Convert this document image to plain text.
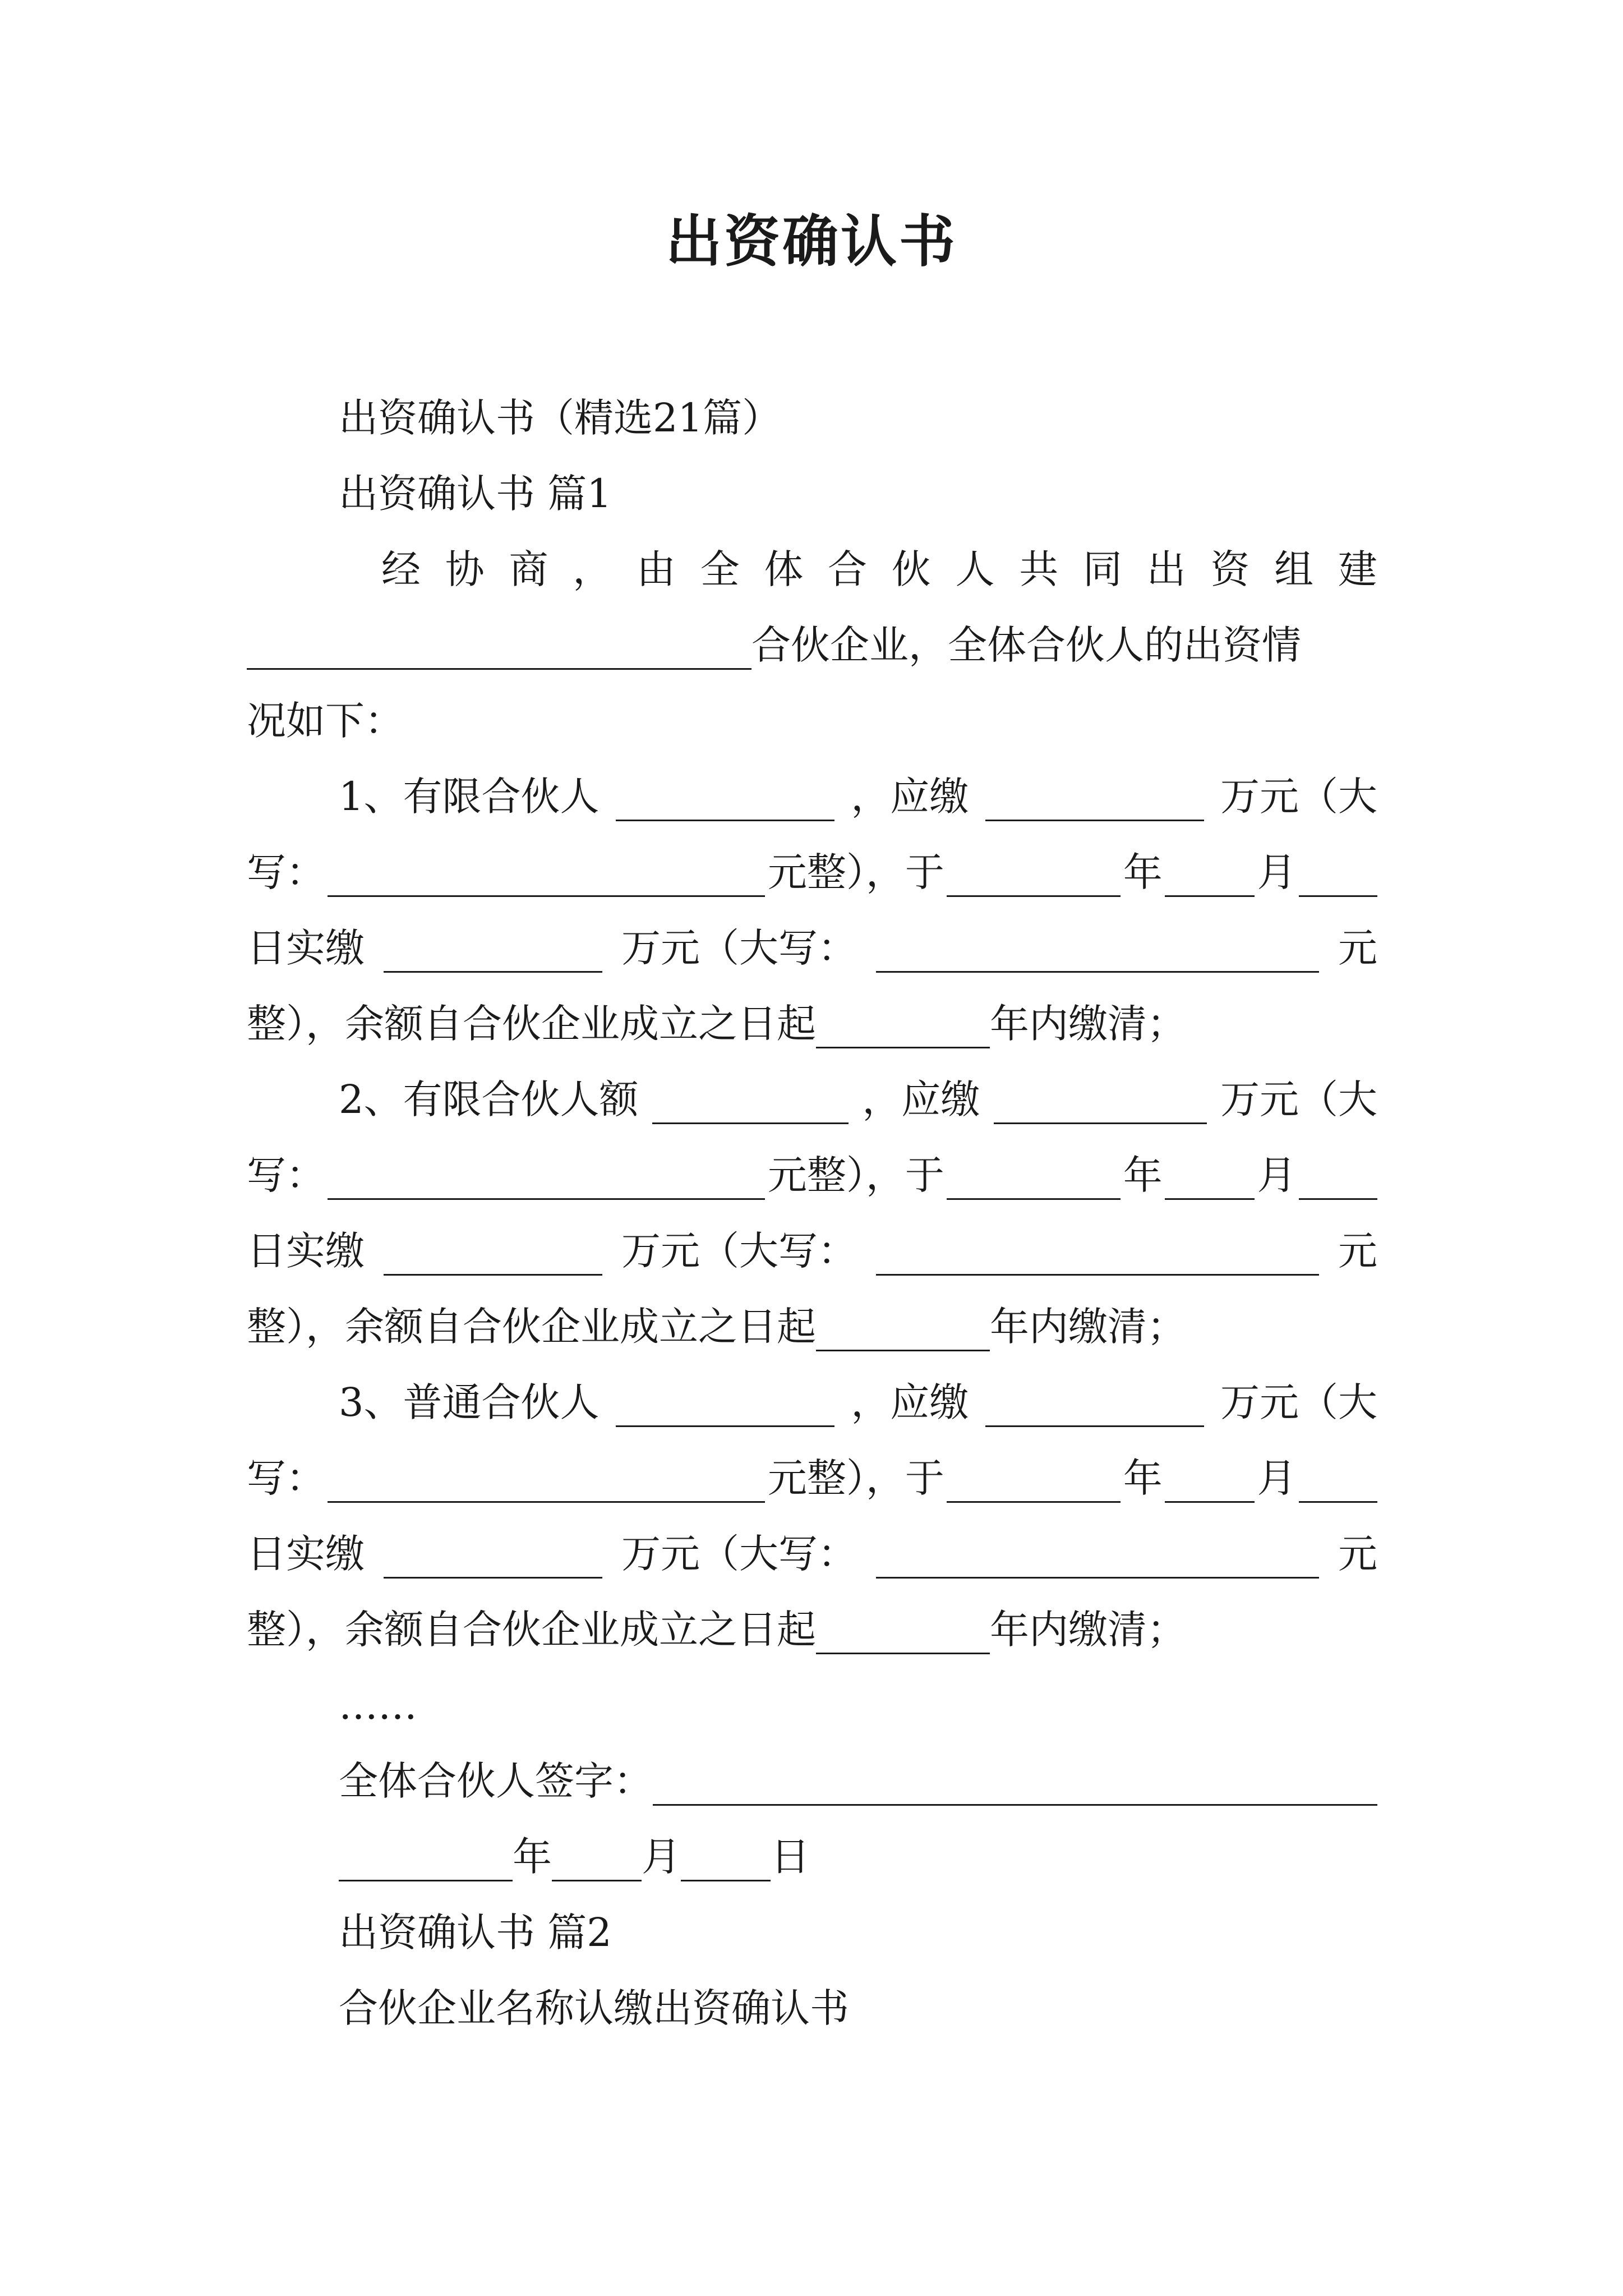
出资确认书
出资确认书（精选21篇）
出资确认书 篇1
经 协 商 ， 由 全 体 合 伙 人 共 同 出 资 组 建
合伙企业，全体合伙人的出资情
况如下：
1、有限合伙人	，应缴	万元（大
写：	元整），于	年 月
日实缴	万元（大写：	元
整），余额自合伙企业成立之日起	年内缴清；
2、有限合伙人额	，应缴	万元（大
写：	元整），于	年 月
日实缴	万元（大写：	元
整），余额自合伙企业成立之日起	年内缴清；
3、普通合伙人	，应缴	万元（大
写：	元整），于	年 月
日实缴	万元（大写：	元
整），余额自合伙企业成立之日起	年内缴清；
……
全体合伙人签字：
年 月 日
出资确认书 篇2
合伙企业名称认缴出资确认书
